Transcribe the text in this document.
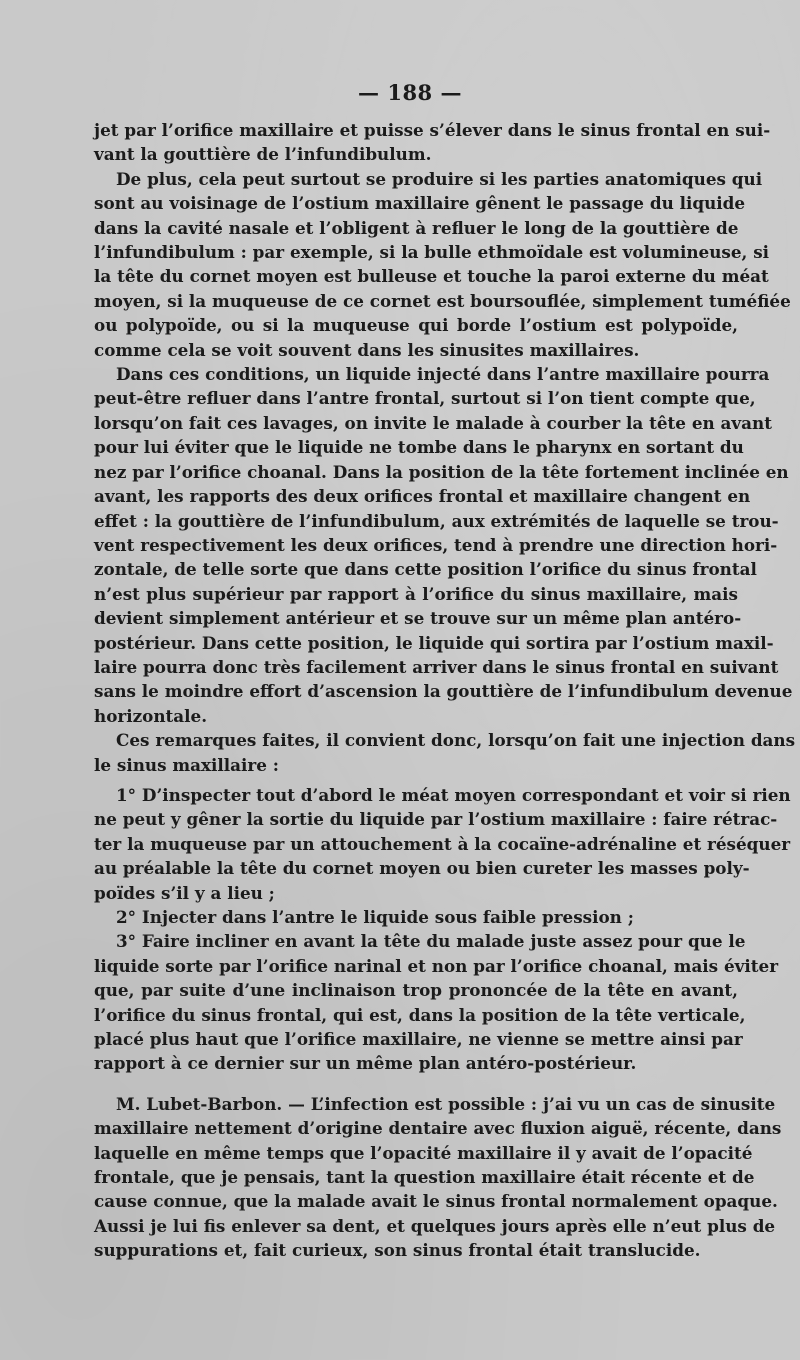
— 188 —
jet par l’orifice maxillaire et puisse s’élever dans le sinus frontal en sui-
vant la gouttière de l’infundibulum.
De plus, cela peut surtout se produire si les parties anatomiques qui
sont au voisinage de l’ostium maxillaire gênent le passage du liquide
dans la cavité nasale et l’obligent à refluer le long de la gouttière de
l’infundibulum : par exemple, si la bulle ethmoïdale est volumineuse, si
la tête du cornet moyen est bulleuse et touche la paroi externe du méat
moyen, si la muqueuse de ce cornet est boursouflée, simplement tuméfiée
ou polypoïde, ou si la muqueuse qui borde l’ostium est polypoïde,
comme cela se voit souvent dans les sinusites maxillaires.
Dans ces conditions, un liquide injecté dans l’antre maxillaire pourra
peut-être refluer dans l’antre frontal, surtout si l’on tient compte que,
lorsqu’on fait ces lavages, on invite le malade à courber la tête en avant
pour lui éviter que le liquide ne tombe dans le pharynx en sortant du
nez par l’orifice choanal. Dans la position de la tête fortement inclinée en
avant, les rapports des deux orifices frontal et maxillaire changent en
effet : la gouttière de l’infundibulum, aux extrémités de laquelle se trou-
vent respectivement les deux orifices, tend à prendre une direction hori-
zontale, de telle sorte que dans cette position l’orifice du sinus frontal
n’est plus supérieur par rapport à l’orifice du sinus maxillaire, mais
devient simplement antérieur et se trouve sur un même plan antéro-
postérieur. Dans cette position, le liquide qui sortira par l’ostium maxil-
laire pourra donc très facilement arriver dans le sinus frontal en suivant
sans le moindre effort d’ascension la gouttière de l’infundibulum devenue
horizontale.
Ces remarques faites, il convient donc, lorsqu’on fait une injection dans
le sinus maxillaire :
1° D’inspecter tout d’abord le méat moyen correspondant et voir si rien
ne peut y gêner la sortie du liquide par l’ostium maxillaire : faire rétrac-
ter la muqueuse par un attouchement à la cocaïne-adrénaline et réséquer
au préalable la tête du cornet moyen ou bien cureter les masses poly-
poïdes s’il y a lieu ;
2° Injecter dans l’antre le liquide sous faible pression ;
3° Faire incliner en avant la tête du malade juste assez pour que le
liquide sorte par l’orifice narinal et non par l’orifice choanal, mais éviter
que, par suite d’une inclinaison trop prononcée de la tête en avant,
l’orifice du sinus frontal, qui est, dans la position de la tête verticale,
placé plus haut que l’orifice maxillaire, ne vienne se mettre ainsi par
rapport à ce dernier sur un même plan antéro-postérieur.
M. Lubet-Barbon. — L’infection est possible : j’ai vu un cas de sinusite
maxillaire nettement d’origine dentaire avec fluxion aiguë, récente, dans
laquelle en même temps que l’opacité maxillaire il y avait de l’opacité
frontale, que je pensais, tant la question maxillaire était récente et de
cause connue, que la malade avait le sinus frontal normalement opaque.
Aussi je lui fis enlever sa dent, et quelques jours après elle n’eut plus de
suppurations et, fait curieux, son sinus frontal était translucide.
